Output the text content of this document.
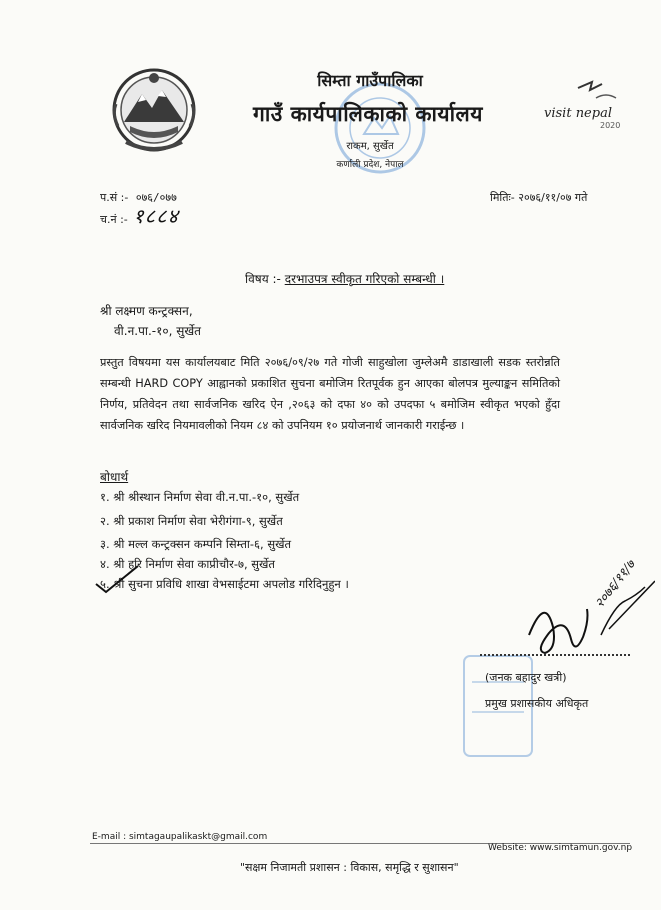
सिम्ता गाउँपालिका
गाउँ कार्यपालिकाको कार्यालय
राकम, सुर्खेत
कर्णाली प्रदेश, नेपाल
visit nepal
2020
प.सं :- ०७६/०७७
च.नं :- १८८४
मितिः- २०७६/११/०७ गते
विषय :- दरभाउपत्र स्वीकृत गरिएको सम्बन्धी ।
श्री लक्ष्मण कन्ट्रक्सन,
वी.न.पा.-१०, सुर्खेत
प्रस्तुत विषयमा यस कार्यालयबाट मिति २०७६/०९/२७ गते गोजी साहुखोला जुम्लेअमै डाडाखाली सडक स्तरोन्नति सम्बन्धी HARD COPY आह्वानको प्रकाशित सुचना बमोजिम रितपूर्वक हुन आएका बोलपत्र मुल्याङ्कन समितिको निर्णय, प्रतिवेदन तथा सार्वजनिक खरिद ऐन ,२०६३ को दफा ४० को उपदफा ५ बमोजिम स्वीकृत भएको हुँदा सार्वजनिक खरिद नियमावलीको नियम ८४ को उपनियम १० प्रयोजनार्थ जानकारी गराईन्छ ।
बोधार्थ
१. श्री श्रीस्थान निर्माण सेवा वी.न.पा.-१०, सुर्खेत
२. श्री प्रकाश निर्माण सेवा भेरीगंगा-९, सुर्खेत
३. श्री मल्ल कन्ट्रक्सन कम्पनि सिम्ता-६, सुर्खेत
४. श्री हरि निर्माण सेवा काप्रीचौर-७, सुर्खेत
५. श्री सुचना प्रविधि शाखा वेभसाईटमा अपलोड गरिदिनुहुन ।	२०७६/११/७
(जनक बहादुर खत्री)
प्रमुख प्रशासकीय अधिकृत
E-mail : simtagaupalikaskt@gmail.com
Website: www.simtamun.gov.np
"सक्षम निजामती प्रशासन : विकास, समृद्धि र सुशासन"
